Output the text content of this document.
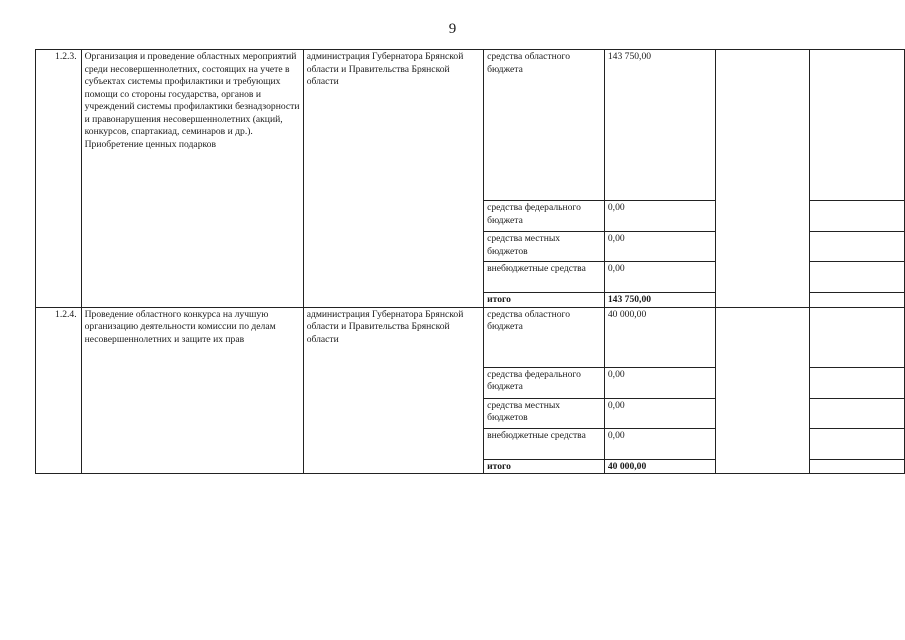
9
1.2.3.	Организация и проведение областных мероприятий среди несовершеннолетних, состоящих на учете в субъектах системы профилактики и требующих помощи со стороны государства, органов и учреждений системы профилактики безнадзорности и правонарушения несовершеннолетних (акций, конкурсов, спартакиад, семинаров и др.). Приобретение ценных подарков	администрация Губернатора Брянской области и Правительства Брянской области	средства областного бюджета	143 750,00		
			средства федерального бюджета	0,00		
			средства местных бюджетов	0,00		
			внебюджетные средства	0,00		
			итого	143 750,00		
1.2.4.	Проведение областного конкурса на лучшую организацию деятельности комиссии по делам несовершеннолетних и защите их прав	администрация Губернатора Брянской области и Правительства Брянской области	средства областного бюджета	40 000,00		
			средства федерального бюджета	0,00		
			средства местных бюджетов	0,00		
			внебюджетные средства	0,00		
			итого	40 000,00		
